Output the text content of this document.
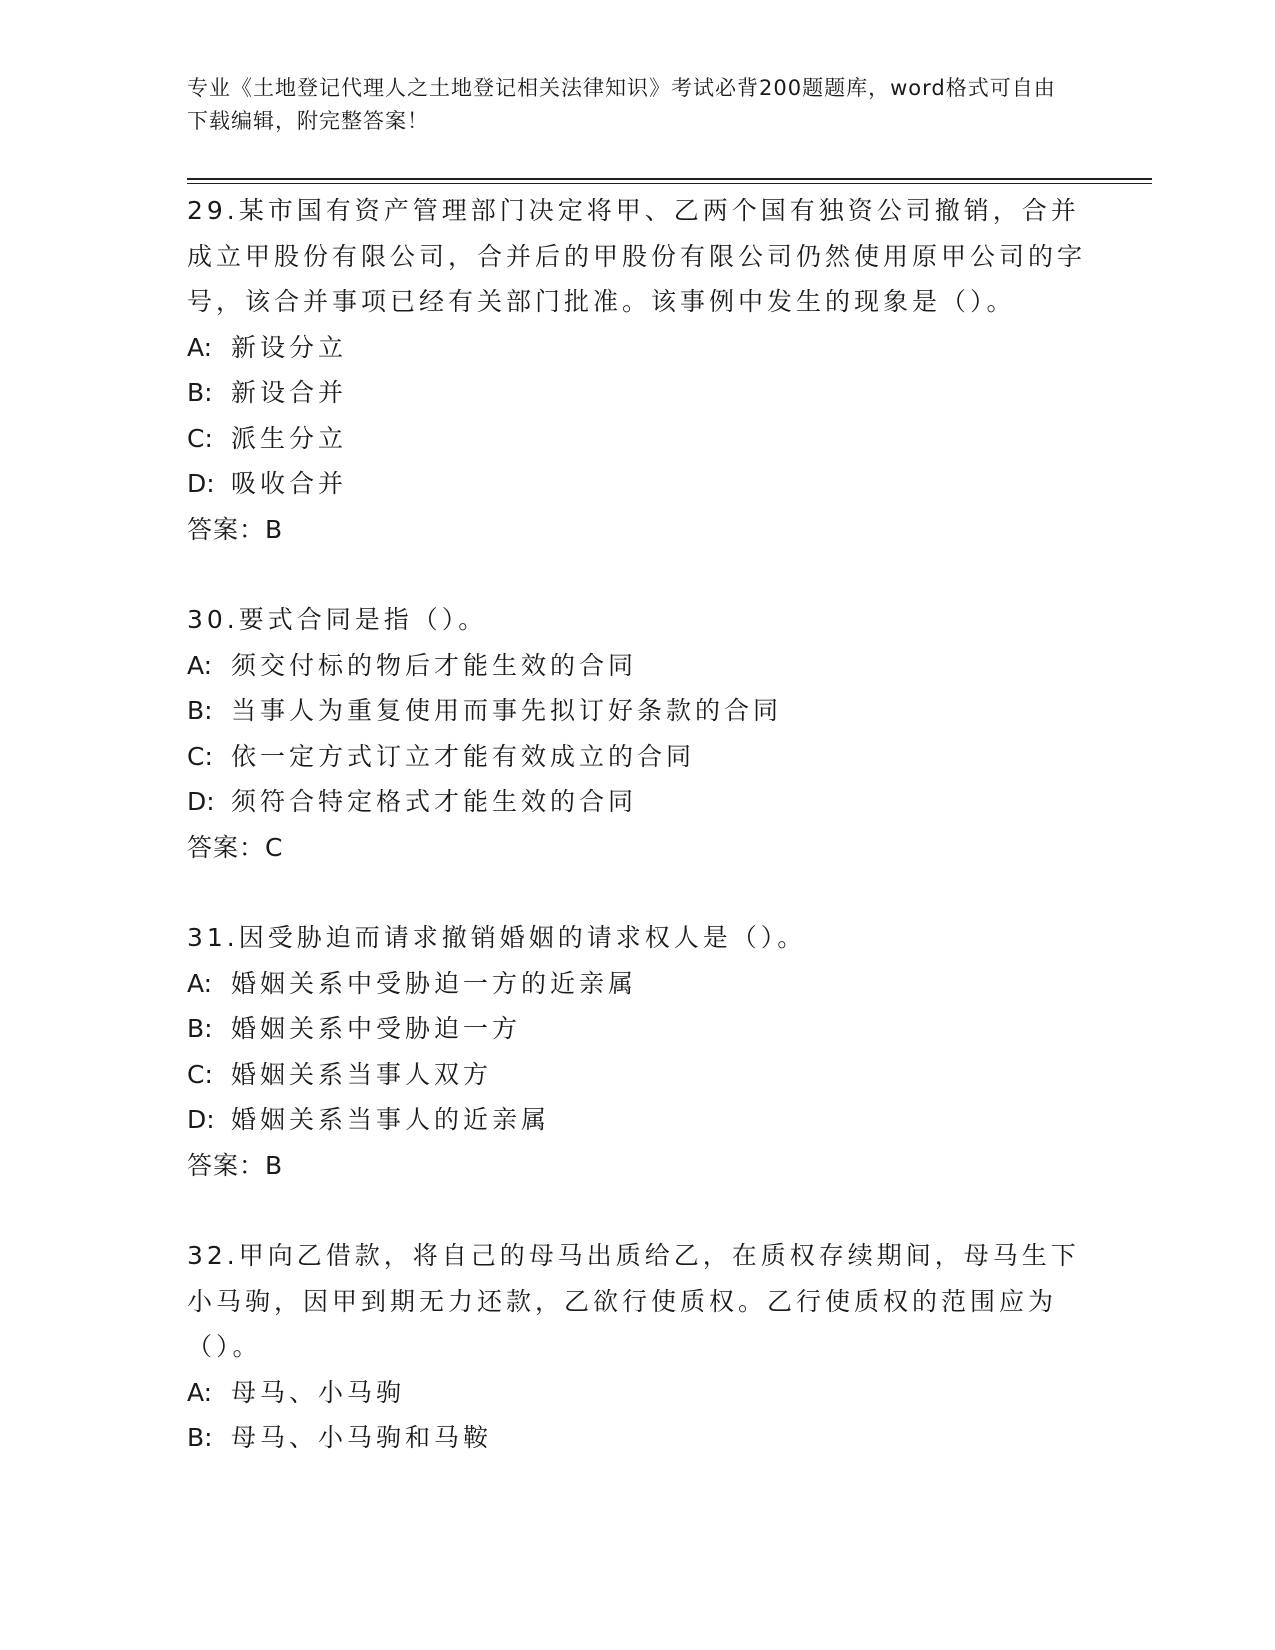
专业《土地登记代理人之土地登记相关法律知识》考试必背200题题库，word格式可自由下载编辑，附完整答案！

29.某市国有资产管理部门决定将甲、乙两个国有独资公司撤销，合并成立甲股份有限公司，合并后的甲股份有限公司仍然使用原甲公司的字号，该合并事项已经有关部门批准。该事例中发生的现象是（）。

A: 新设分立

B: 新设合并

C: 派生分立

D: 吸收合并

答案：B

30.要式合同是指（）。

A: 须交付标的物后才能生效的合同

B: 当事人为重复使用而事先拟订好条款的合同

C: 依一定方式订立才能有效成立的合同

D: 须符合特定格式才能生效的合同

答案：C

31.因受胁迫而请求撤销婚姻的请求权人是（）。

A: 婚姻关系中受胁迫一方的近亲属

B: 婚姻关系中受胁迫一方

C: 婚姻关系当事人双方

D: 婚姻关系当事人的近亲属

答案：B

32.甲向乙借款，将自己的母马出质给乙，在质权存续期间，母马生下小马驹，因甲到期无力还款，乙欲行使质权。乙行使质权的范围应为（）。

A: 母马、小马驹

B: 母马、小马驹和马鞍
